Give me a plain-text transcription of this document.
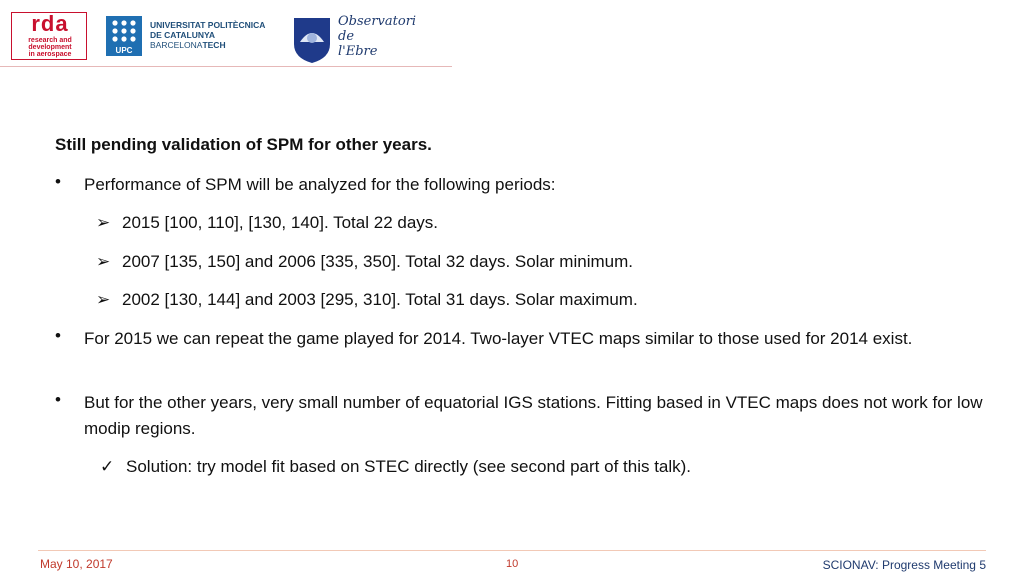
rda
research and
development
in aerospace	UPC
UNIVERSITAT POLITÈCNICA
DE CATALUNYA
BARCELONATECH
Observatori
de
l'Ebre
Still pending validation of SPM for other years.
•	Performance of SPM will be analyzed for the following periods:
➢ 2015 [100, 110], [130, 140]. Total 22 days.
➢ 2007 [135, 150] and 2006 [335, 350]. Total 32 days. Solar minimum.
➢ 2002 [130, 144] and 2003 [295, 310]. Total 31 days. Solar maximum.
•	For 2015 we can repeat the game played for 2014. Two-layer VTEC maps similar to those used for 2014 exist.
•	But for the other years, very small number of equatorial IGS stations. Fitting based in VTEC maps does not work for low modip regions.
✓ Solution: try model fit based on STEC directly (see second part of this talk).
May 10, 2017	10	SCIONAV: Progress Meeting 5
